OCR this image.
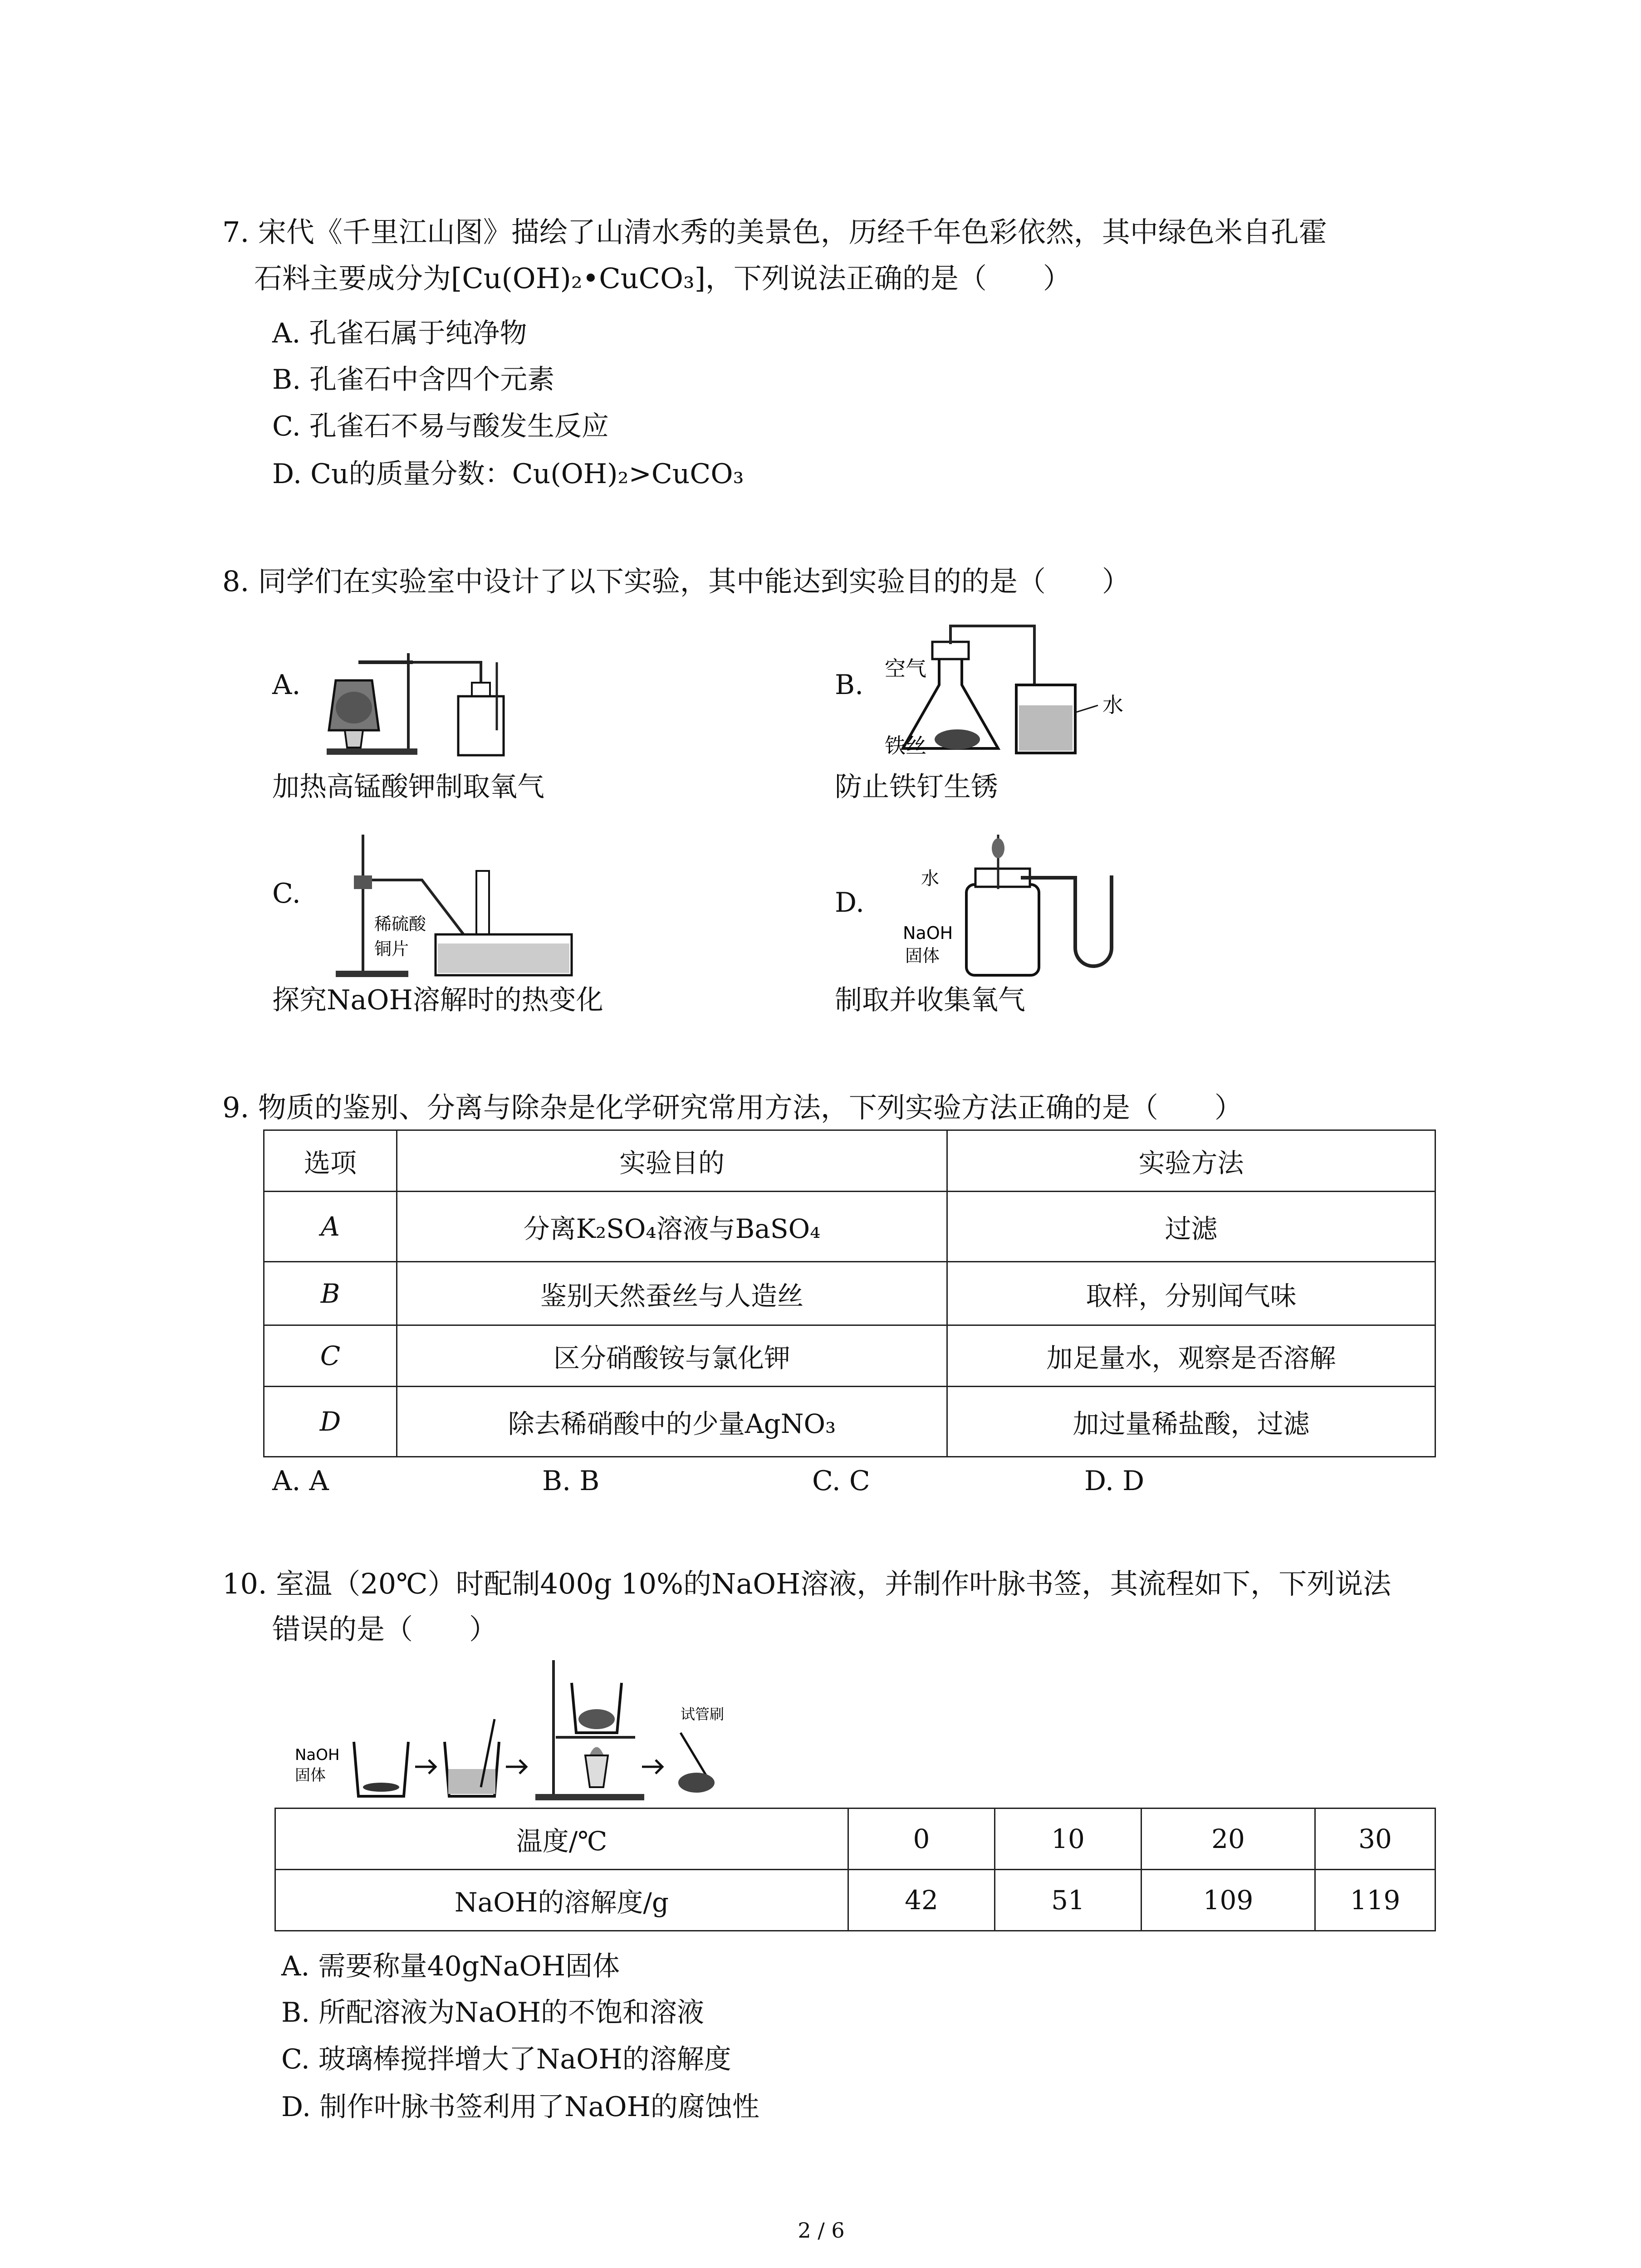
7. 宋代《千里江山图》描绘了山清水秀的美景色，历经千年色彩依然，其中绿色米自孔霍
石料主要成分为[Cu(OH)₂•CuCO₃]，下列说法正确的是（　　）
A. 孔雀石属于纯净物
B. 孔雀石中含四个元素
C. 孔雀石不易与酸发生反应
D. Cu的质量分数：Cu(OH)₂>CuCO₃
8. 同学们在实验室中设计了以下实验，其中能达到实验目的的是（　　）
A.
加热高锰酸钾制取氧气
B.
水
空气
铁丝
防止铁钉生锈
C.
稀硫酸
铜片
探究NaOH溶解时的热变化
D.
水
NaOH
固体
制取并收集氧气
9. 物质的鉴别、分离与除杂是化学研究常用方法，下列实验方法正确的是（　　）
选项	实验目的	实验方法
A	分离K₂SO₄溶液与BaSO₄	过滤
B	鉴别天然蚕丝与人造丝	取样，分别闻气味
C	区分硝酸铵与氯化钾	加足量水，观察是否溶解
D	除去稀硝酸中的少量AgNO₃	加过量稀盐酸，过滤
A. A	B. B	C. C	D. D
10. 室温（20℃）时配制400g 10%的NaOH溶液，并制作叶脉书签，其流程如下，下列说法
错误的是（　　）
NaOH
固体
试管刷
温度/℃	0	10	20	30
NaOH的溶解度/g	42	51	109	119
A. 需要称量40gNaOH固体
B. 所配溶液为NaOH的不饱和溶液
C. 玻璃棒搅拌增大了NaOH的溶解度
D. 制作叶脉书签利用了NaOH的腐蚀性
2 / 6
